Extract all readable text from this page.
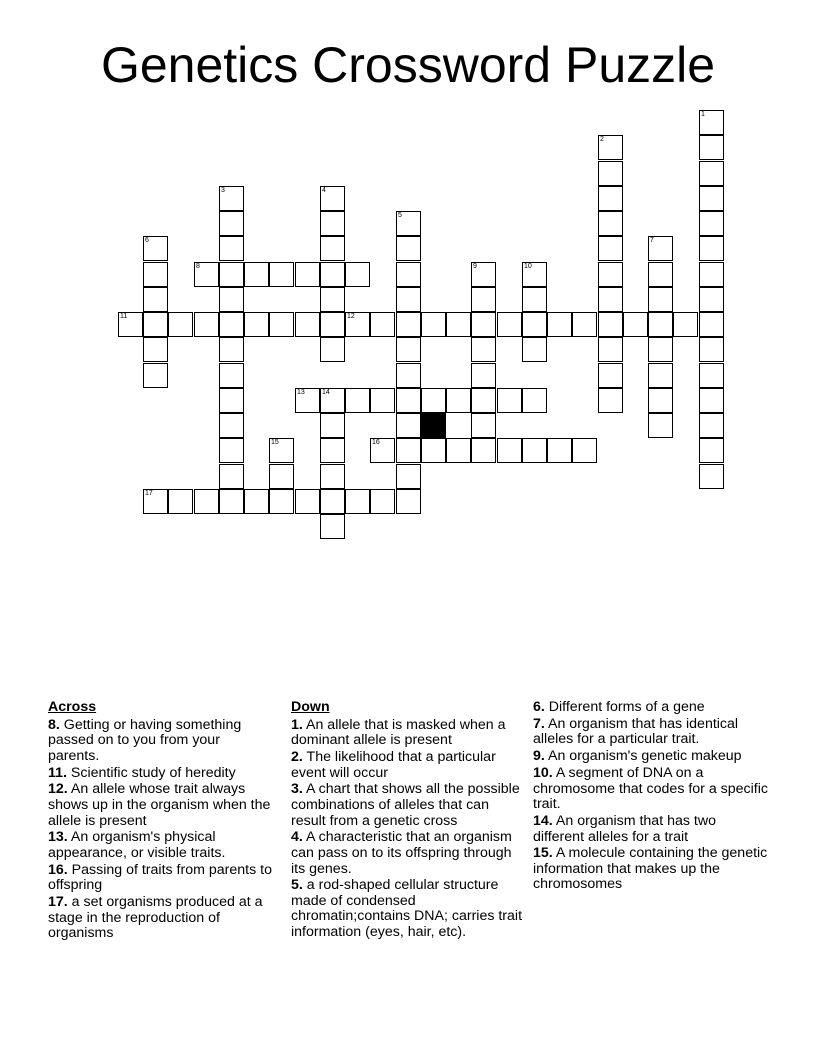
Genetics Crossword Puzzle
1
2
3	4
5
6	7
8	9	10
11	12
13 14
15	16
17
Across
8. Getting or having something passed on to you from your parents.
11. Scientific study of heredity
12. An allele whose trait always shows up in the organism when the allele is present
13. An organism's physical appearance, or visible traits.
16. Passing of traits from parents to offspring
17. a set organisms produced at a stage in the reproduction of organisms
Down
1. An allele that is masked when a dominant allele is present
2. The likelihood that a particular event will occur
3. A chart that shows all the possible combinations of alleles that can result from a genetic cross
4. A characteristic that an organism can pass on to its offspring through its genes.
5. a rod-shaped cellular structure made of condensed chromatin;contains DNA; carries trait information (eyes, hair, etc).
6. Different forms of a gene
7. An organism that has identical alleles for a particular trait.
9. An organism's genetic makeup
10. A segment of DNA on a chromosome that codes for a specific trait.
14. An organism that has two different alleles for a trait
15. A molecule containing the genetic information that makes up the chromosomes
